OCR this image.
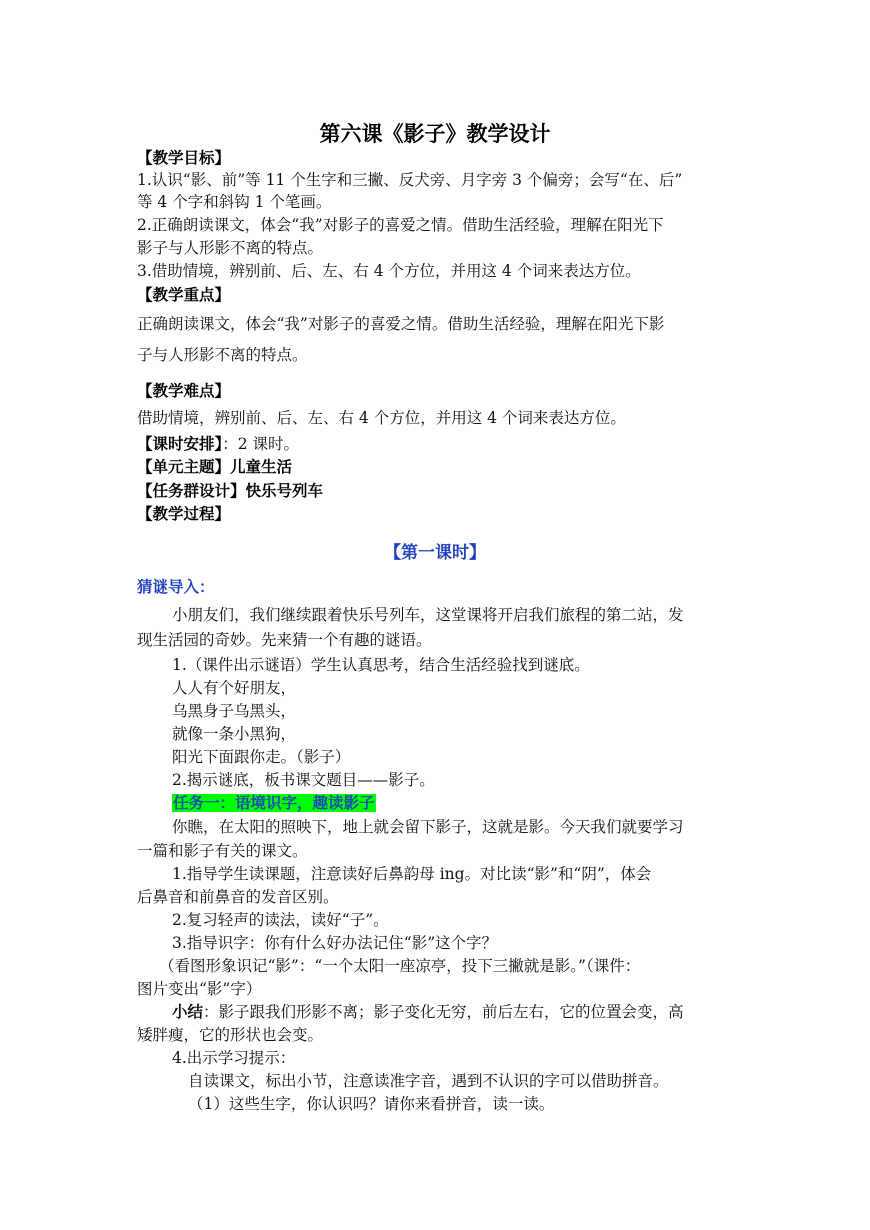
第六课《影子》教学设计
【教学目标】
1.认识“影、前”等 11 个生字和三撇、反犬旁、月字旁 3 个偏旁；会写“在、后”
等 4 个字和斜钩 1 个笔画。
2.正确朗读课文，体会“我”对影子的喜爱之情。借助生活经验，理解在阳光下
影子与人形影不离的特点。
3.借助情境，辨别前、后、左、右 4 个方位，并用这 4 个词来表达方位。
【教学重点】
正确朗读课文，体会“我”对影子的喜爱之情。借助生活经验，理解在阳光下影
子与人形影不离的特点。
【教学难点】
借助情境，辨别前、后、左、右 4 个方位，并用这 4 个词来表达方位。
【课时安排】：2 课时。
【单元主题】儿童生活
【任务群设计】快乐号列车
【教学过程】
【第一课时】
猜谜导入：
小朋友们，我们继续跟着快乐号列车，这堂课将开启我们旅程的第二站，发
现生活园的奇妙。先来猜一个有趣的谜语。
1.（课件出示谜语）学生认真思考，结合生活经验找到谜底。
人人有个好朋友，
乌黑身子乌黑头，
就像一条小黑狗，
阳光下面跟你走。（影子）
2.揭示谜底，板书课文题目——影子。
任务一：语境识字，趣读影子
你瞧，在太阳的照映下，地上就会留下影子，这就是影。今天我们就要学习
一篇和影子有关的课文。
1.指导学生读课题，注意读好后鼻韵母 ing。对比读“影”和“阴”，体会
后鼻音和前鼻音的发音区别。
2.复习轻声的读法，读好“子”。
3.指导识字：你有什么好办法记住“影”这个字？
（看图形象识记“影”：“一个太阳一座凉亭，投下三撇就是影。”（课件：
图片变出“影”字）
小结：影子跟我们形影不离；影子变化无穷，前后左右，它的位置会变，高
矮胖瘦，它的形状也会变。
4.出示学习提示：
自读课文，标出小节，注意读准字音，遇到不认识的字可以借助拼音。
（1）这些生字，你认识吗？请你来看拼音，读一读。
